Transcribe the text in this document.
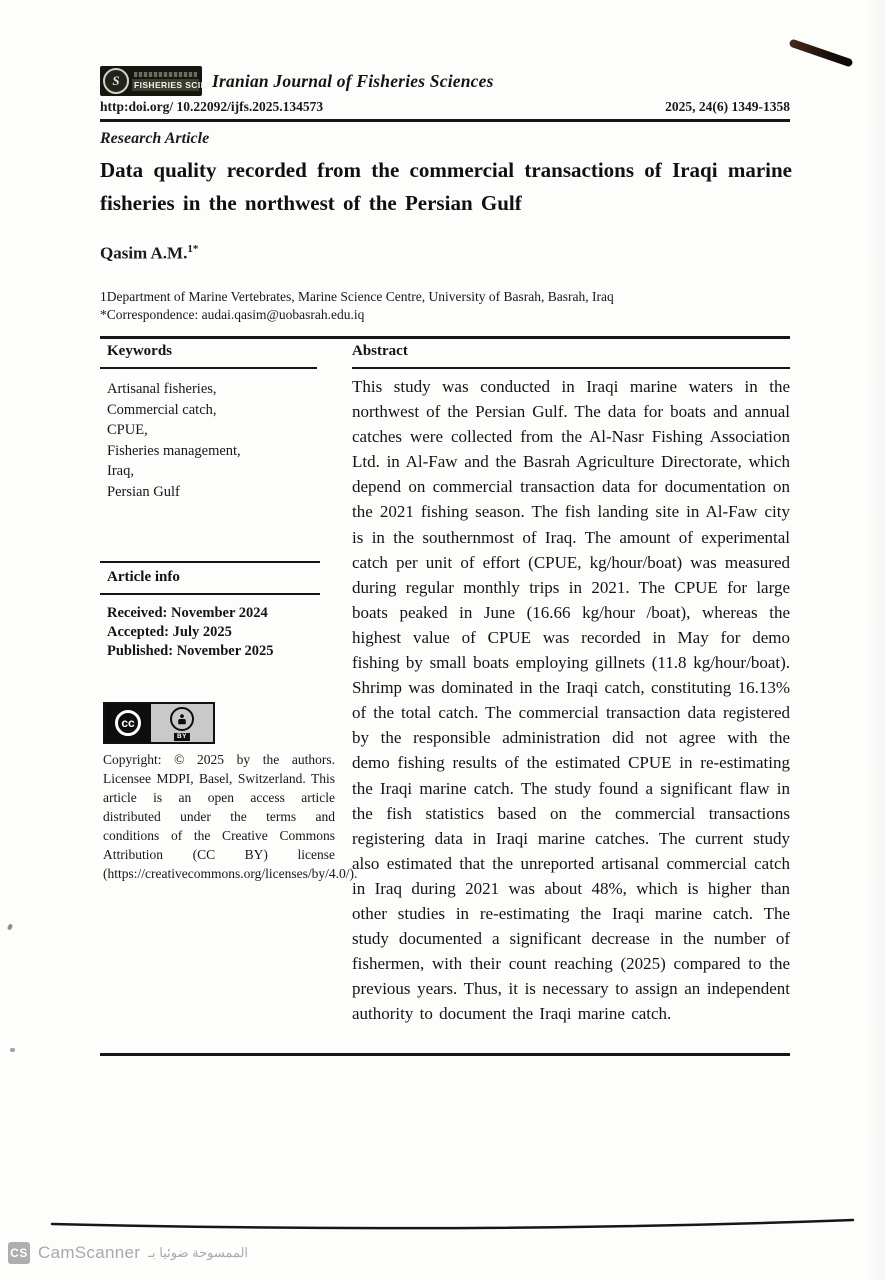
S	FISHERIES SCIENCES
Iranian Journal of Fisheries Sciences
http:doi.org/ 10.22092/ijfs.2025.134573	2025, 24(6) 1349-1358
Research Article
Data quality recorded from the commercial transactions of Iraqi marine fisheries in the northwest of the Persian Gulf
Qasim A.M.$^{1*}$
1Department of Marine Vertebrates, Marine Science Centre, University of Basrah, Basrah, Iraq
*Correspondence: audai.qasim@uobasrah.edu.iq
Keywords
Artisanal fisheries,
Commercial catch,
CPUE,
Fisheries management,
Iraq,
Persian Gulf
Article info
Received: November 2024
Accepted: July 2025
Published: November 2025
cc
BY
Copyright: © 2025 by the authors. Licensee MDPI, Basel, Switzerland. This article is an open access article distributed under the terms and conditions of the Creative Commons Attribution (CC BY) license (https://creativecommons.org/licenses/by/4.0/).
Abstract
This study was conducted in Iraqi marine waters in the northwest of the Persian Gulf. The data for boats and annual catches were collected from the Al-Nasr Fishing Association Ltd. in Al-Faw and the Basrah Agriculture Directorate, which depend on commercial transaction data for documentation on the 2021 fishing season. The fish landing site in Al-Faw city is in the southernmost of Iraq. The amount of experimental catch per unit of effort (CPUE, kg/hour/boat) was measured during regular monthly trips in 2021. The CPUE for large boats peaked in June (16.66 kg/hour /boat), whereas the highest value of CPUE was recorded in May for demo fishing by small boats employing gillnets (11.8 kg/hour/boat). Shrimp was dominated in the Iraqi catch, constituting 16.13% of the total catch. The commercial transaction data registered by the responsible administration did not agree with the demo fishing results of the estimated CPUE in re-estimating the Iraqi marine catch. The study found a significant flaw in the fish statistics based on the commercial transactions registering data in Iraqi marine catches. The current study also estimated that the unreported artisanal commercial catch in Iraq during 2021 was about 48%, which is higher than other studies in re-estimating the Iraqi marine catch. The study documented a significant decrease in the number of fishermen, with their count reaching (2025) compared to the previous years. Thus, it is necessary to assign an independent authority to document the Iraqi marine catch.
CS CamScanner الممسوحة ضوئيا بـ
